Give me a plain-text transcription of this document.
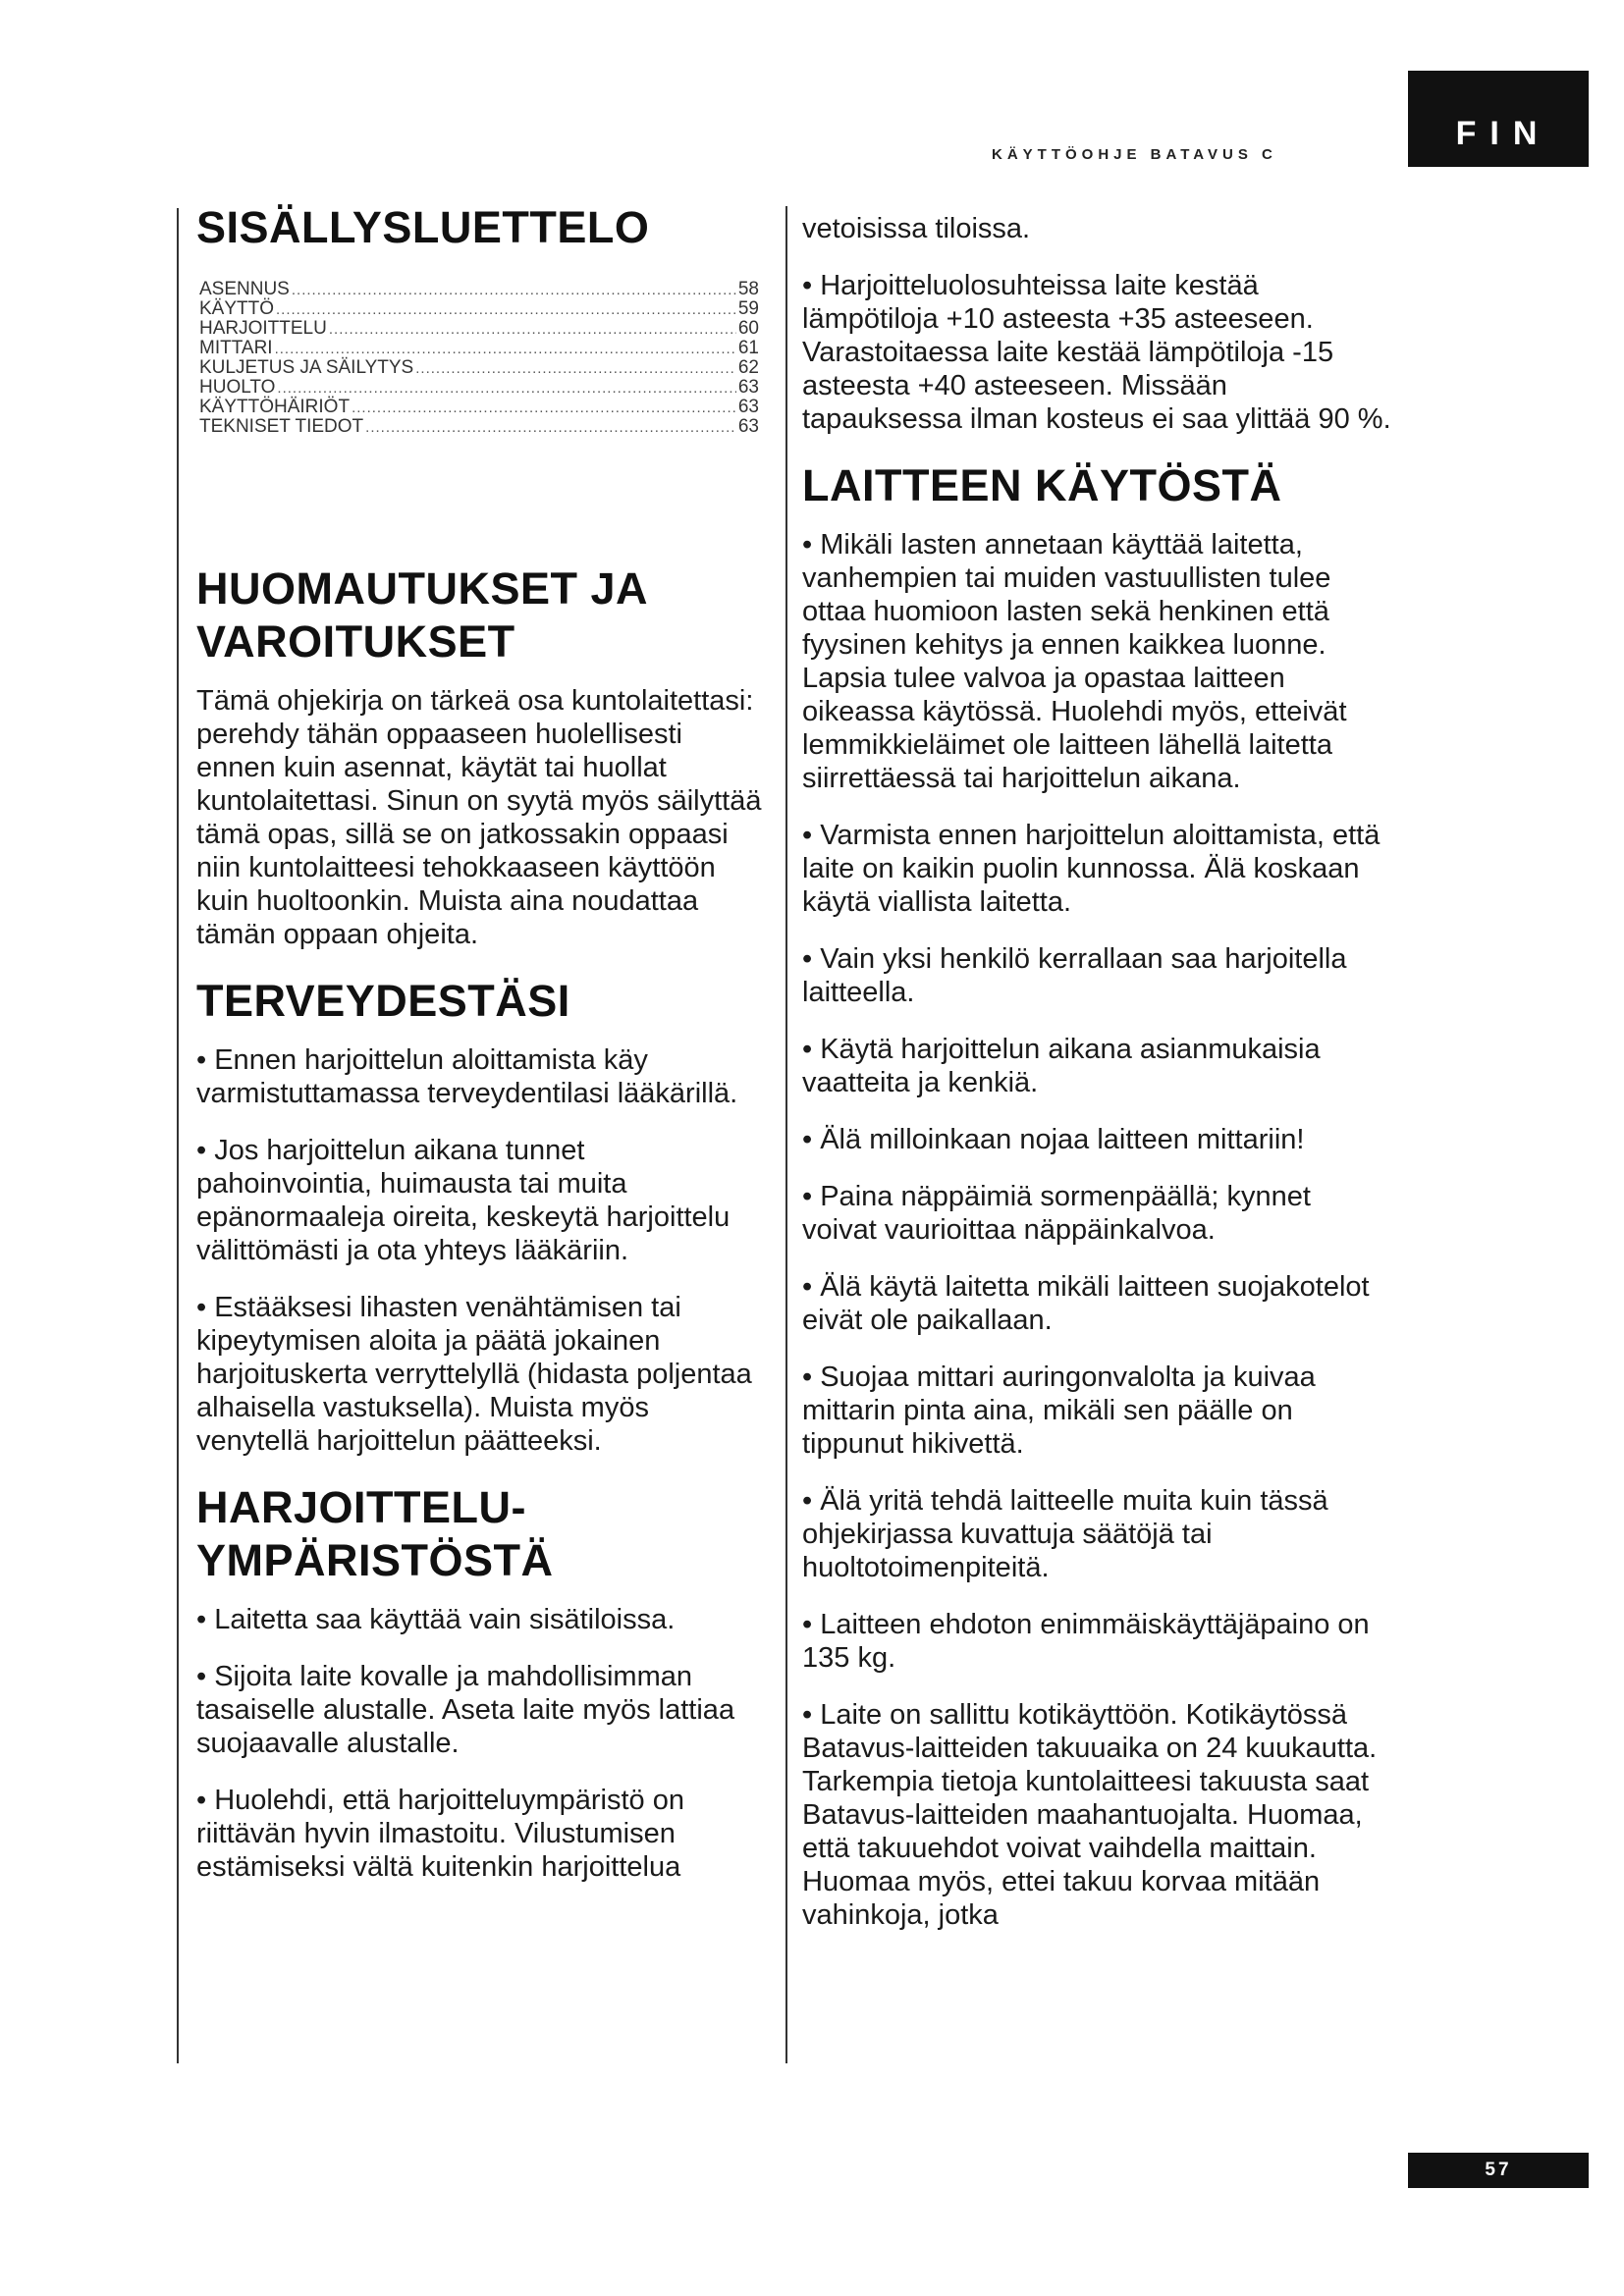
KÄYTTÖOHJE BATAVUS C
FIN
SISÄLLYSLUETTELO
ASENNUS .....	58
KÄYTTÖ .....	59
HARJOITTELU .....	60
MITTARI .....	61
KULJETUS JA SÄILYTYS .....	62
HUOLTO .....	63
KÄYTTÖHÄIRIÖT .....	63
TEKNISET TIEDOT .....	63
HUOMAUTUKSET JA
VAROITUKSET

Tämä ohjekirja on tärkeä osa kuntolaitettasi: perehdy tähän oppaaseen huolellisesti ennen kuin asennat, käytät tai huollat kuntolaitettasi. Sinun on syytä myös säilyttää tämä opas, sillä se on jatkossakin oppaasi niin kuntolaitteesi tehokkaaseen käyttöön kuin huoltoonkin. Muista aina noudattaa tämän oppaan ohjeita.

TERVEYDESTÄSI

• Ennen harjoittelun aloittamista käy varmistuttamassa terveydentilasi lääkärillä.

• Jos harjoittelun aikana tunnet pahoinvointia, huimausta tai muita epänormaaleja oireita, keskeytä harjoittelu välittömästi ja ota yhteys lääkäriin.

• Estääksesi lihasten venähtämisen tai kipeytymisen aloita ja päätä jokainen harjoituskerta verryttelyllä (hidasta poljentaa alhaisella vastuksella). Muista myös venytellä harjoittelun päätteeksi.

HARJOITTELU-
YMPÄRISTÖSTÄ

• Laitetta saa käyttää vain sisätiloissa.

• Sijoita laite kovalle ja mahdollisimman tasaiselle alustalle. Aseta laite myös lattiaa suojaavalle alustalle.

• Huolehdi, että harjoitteluympäristö on riittävän hyvin ilmastoitu. Vilustumisen estämiseksi vältä kuitenkin harjoittelua

vetoisissa tiloissa.

• Harjoitteluolosuhteissa laite kestää lämpötiloja +10 asteesta +35 asteeseen. Varastoitaessa laite kestää lämpötiloja -15 asteesta +40 asteeseen. Missään tapauksessa ilman kosteus ei saa ylittää 90 %.

LAITTEEN KÄYTÖSTÄ

• Mikäli lasten annetaan käyttää laitetta, vanhempien tai muiden vastuullisten tulee ottaa huomioon lasten sekä henkinen että fyysinen kehitys ja ennen kaikkea luonne. Lapsia tulee valvoa ja opastaa laitteen oikeassa käytössä. Huolehdi myös, etteivät lemmikkieläimet ole laitteen lähellä laitetta siirrettäessä tai harjoittelun aikana.

• Varmista ennen harjoittelun aloittamista, että laite on kaikin puolin kunnossa. Älä koskaan käytä viallista laitetta.

• Vain yksi henkilö kerrallaan saa harjoitella laitteella.

• Käytä harjoittelun aikana asianmukaisia vaatteita ja kenkiä.

• Älä milloinkaan nojaa laitteen mittariin!

• Paina näppäimiä sormenpäällä; kynnet voivat vaurioittaa näppäinkalvoa.

• Älä käytä laitetta mikäli laitteen suojakotelot eivät ole paikallaan.

• Suojaa mittari auringonvalolta ja kuivaa mittarin pinta aina, mikäli sen päälle on tippunut hikivettä.

• Älä yritä tehdä laitteelle muita kuin tässä ohjekirjassa kuvattuja säätöjä tai huoltotoimenpiteitä.

• Laitteen ehdoton enimmäiskäyttäjäpaino on 135 kg.

• Laite on sallittu kotikäyttöön. Kotikäytössä Batavus-laitteiden takuuaika on 24 kuukautta. Tarkempia tietoja kuntolaitteesi takuusta saat Batavus-laitteiden maahantuojalta. Huomaa, että takuuehdot voivat vaihdella maittain. Huomaa myös, ettei takuu korvaa mitään vahinkoja, jotka

57
